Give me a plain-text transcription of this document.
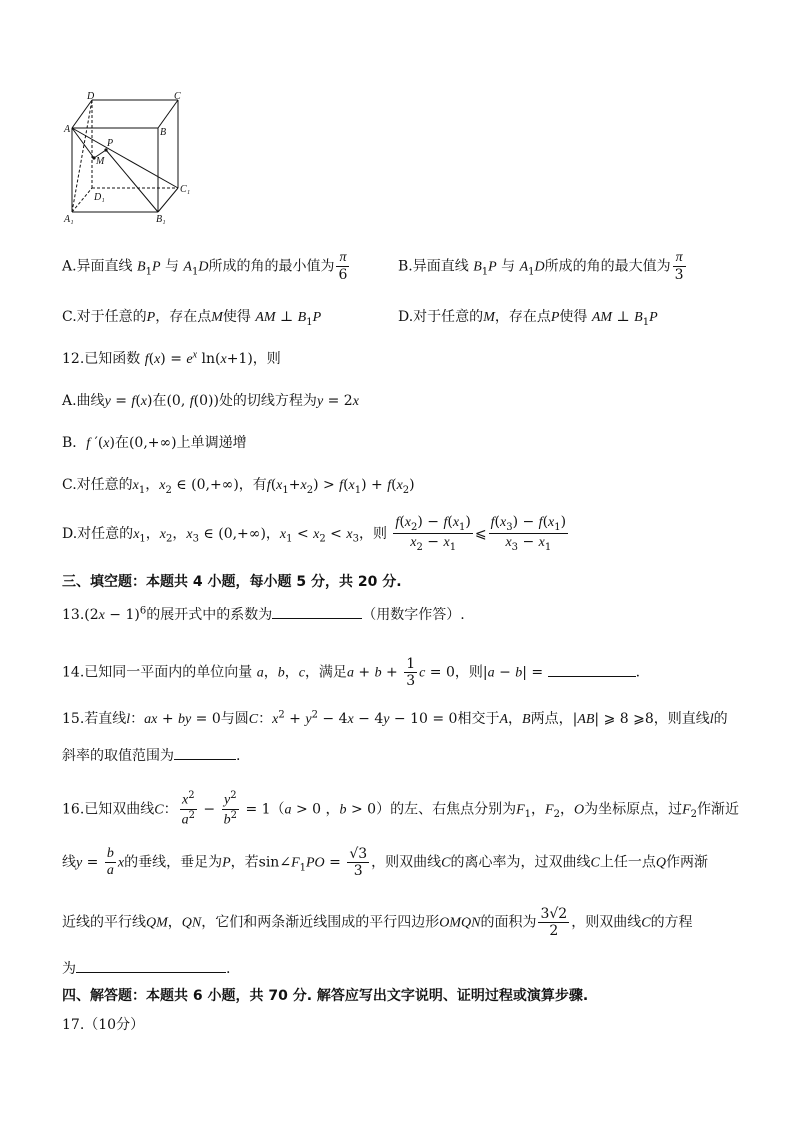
D	C
A	B
P
M
C₁
D₁
A₁	B₁
A.异面直线 $B_1P$ 与 $A_1D$所成的角的最小值为 $\frac{\pi}{6}$	B.异面直线 $B_1P$ 与 $A_1D$所成的角的最大值为 $\frac{\pi}{3}$
C.对于任意的P，存在点M使得 AM ⊥ $B_1P$	D.对于任意的M，存在点P使得 AM ⊥ $B_1P$
12.已知函数 $f(x) = e^x$ ln(x+1)，则
A.曲线y = f(x)在(0, f(0))处的切线方程为y = 2x
B．f ′(x)在(0,+∞)上单调递增
C.对任意的$x_1$，$x_2$ ∈ (0,+∞)，有$f(x_1+x_2) > f(x_1) + f(x_2)$
D.对任意的$x_1$，$x_2$，$x_3$ ∈ (0,+∞)，$x_1 < x_2 < x_3$，则 $\frac{f(x_2) - f(x_1)}{x_2 - x_1}$ ⩽ $\frac{f(x_3) - f(x_1)}{x_3 - x_1}$
三、填空题：本题共 4 小题，每小题 5 分，共 20 分.
$13.(2x - 1)^6$的展开式中的系数为	（用数字作答）.
14.已知同一平面内的单位向量 a，b，c，满足$a + b + \frac{1}{3}$ c = 0，则|a − b| =	.
15.若直线l：ax + by = 0与圆C：$x^2 + y^2 - 4x - 4y - 10 = 0$相交于A，B两点，|AB| ⩾ 8 ⩾8，则直线l的
斜率的取值范围为	.
16.已知双曲线C： $\frac{x^2}{a^2} - \frac{y^2}{b^2} = 1(a > 0$ ，b > 0）的左、右焦点分别为$F_1$，$F_2$，O为坐标原点，过$F_2$作渐近
线$y = \frac{b}{a}$ x的垂线，垂足为P，若$\sin\angle F_1PO = \frac{√3}{3}$ ，则双曲线C的离心率为，过双曲线C上任一点Q作两渐
近线的平行线QM，QN，它们和两条渐近线围成的平行四边形OMQN的面积为 $\frac{3√2}{2}$ ，则双曲线C的方程
为	.
四、解答题：本题共 6 小题，共 70 分. 解答应写出文字说明、证明过程或演算步骤.
17.（10分）
